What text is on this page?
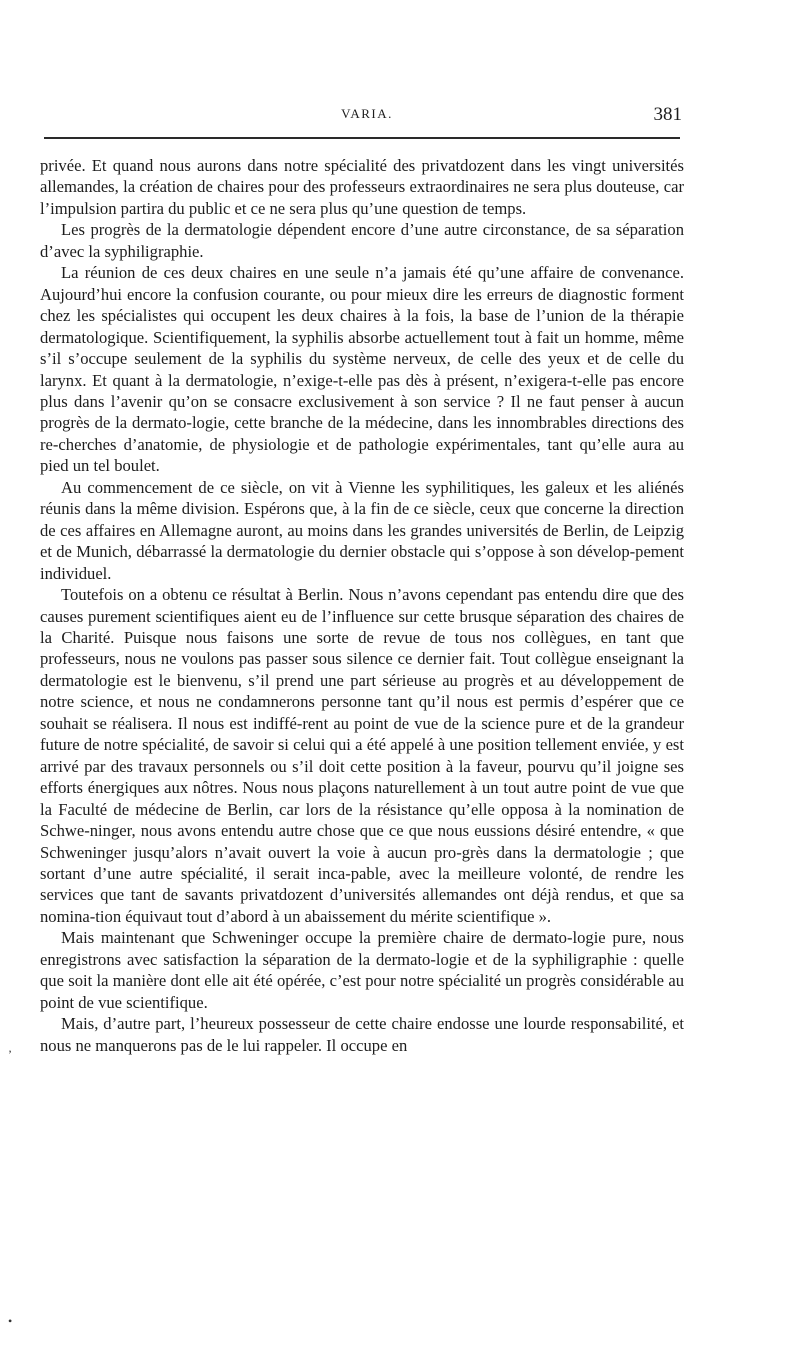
VARIA.	381

privée. Et quand nous aurons dans notre spécialité des privatdozent dans les vingt universités allemandes, la création de chaires pour des professeurs extraordinaires ne sera plus douteuse, car l’impulsion partira du public et ce ne sera plus qu’une question de temps.

Les progrès de la dermatologie dépendent encore d’une autre circonstance, de sa séparation d’avec la syphiligraphie.

La réunion de ces deux chaires en une seule n’a jamais été qu’une affaire de convenance. Aujourd’hui encore la confusion courante, ou pour mieux dire les erreurs de diagnostic forment chez les spécialistes qui occupent les deux chaires à la fois, la base de l’union de la thérapie dermatologique. Scientifiquement, la syphilis absorbe actuellement tout à fait un homme, même s’il s’occupe seulement de la syphilis du système nerveux, de celle des yeux et de celle du larynx. Et quant à la dermatologie, n’exige-t-elle pas dès à présent, n’exigera-t-elle pas encore plus dans l’avenir qu’on se consacre exclusivement à son service ? Il ne faut penser à aucun progrès de la dermato-logie, cette branche de la médecine, dans les innombrables directions des re-cherches d’anatomie, de physiologie et de pathologie expérimentales, tant qu’elle aura au pied un tel boulet.

Au commencement de ce siècle, on vit à Vienne les syphilitiques, les galeux et les aliénés réunis dans la même division. Espérons que, à la fin de ce siècle, ceux que concerne la direction de ces affaires en Allemagne auront, au moins dans les grandes universités de Berlin, de Leipzig et de Munich, débarrassé la dermatologie du dernier obstacle qui s’oppose à son dévelop-pement individuel.

Toutefois on a obtenu ce résultat à Berlin. Nous n’avons cependant pas entendu dire que des causes purement scientifiques aient eu de l’influence sur cette brusque séparation des chaires de la Charité. Puisque nous faisons une sorte de revue de tous nos collègues, en tant que professeurs, nous ne voulons pas passer sous silence ce dernier fait. Tout collègue enseignant la dermatologie est le bienvenu, s’il prend une part sérieuse au progrès et au développement de notre science, et nous ne condamnerons personne tant qu’il nous est permis d’espérer que ce souhait se réalisera. Il nous est indiffé-rent au point de vue de la science pure et de la grandeur future de notre spécialité, de savoir si celui qui a été appelé à une position tellement enviée, y est arrivé par des travaux personnels ou s’il doit cette position à la faveur, pourvu qu’il joigne ses efforts énergiques aux nôtres. Nous nous plaçons naturellement à un tout autre point de vue que la Faculté de médecine de Berlin, car lors de la résistance qu’elle opposa à la nomination de Schwe-ninger, nous avons entendu autre chose que ce que nous eussions désiré entendre, « que Schweninger jusqu’alors n’avait ouvert la voie à aucun pro-grès dans la dermatologie ; que sortant d’une autre spécialité, il serait inca-pable, avec la meilleure volonté, de rendre les services que tant de savants privatdozent d’universités allemandes ont déjà rendus, et que sa nomina-tion équivaut tout d’abord à un abaissement du mérite scientifique ».

Mais maintenant que Schweninger occupe la première chaire de dermato-logie pure, nous enregistrons avec satisfaction la séparation de la dermato-logie et de la syphiligraphie : quelle que soit la manière dont elle ait été opérée, c’est pour notre spécialité un progrès considérable au point de vue scientifique.

Mais, d’autre part, l’heureux possesseur de cette chaire endosse une lourde responsabilité, et nous ne manquerons pas de le lui rappeler. Il occupe en

’
•
